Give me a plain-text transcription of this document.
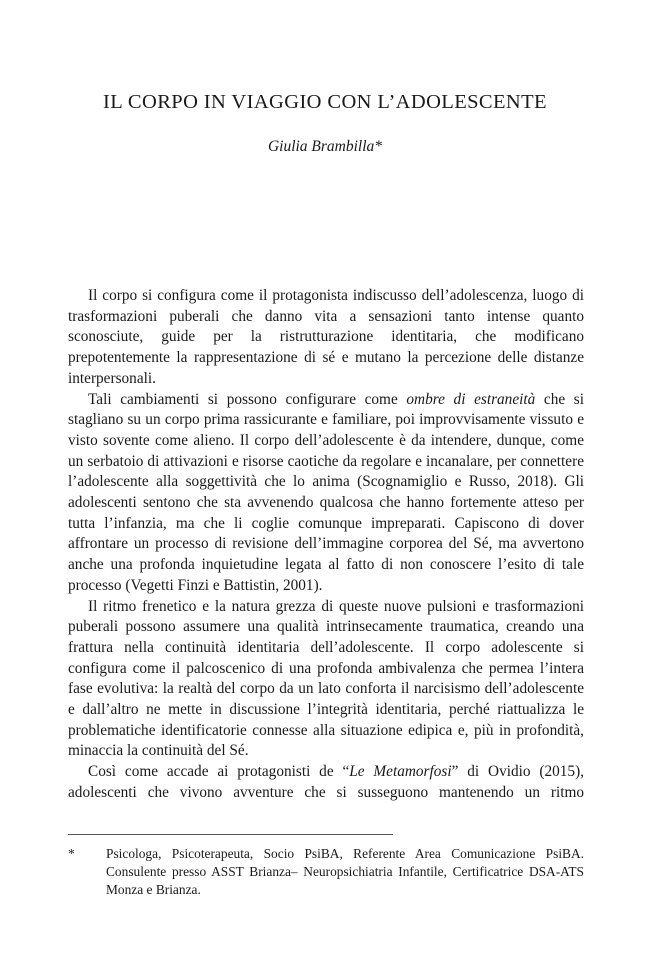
IL CORPO IN VIAGGIO CON L’ADOLESCENTE
Giulia Brambilla*

Il corpo si configura come il protagonista indiscusso dell’adolescenza, luogo di trasformazioni puberali che danno vita a sensazioni tanto intense quanto sconosciute, guide per la ristrutturazione identitaria, che modificano prepotentemente la rappresentazione di sé e mutano la percezione delle distanze interpersonali.

Tali cambiamenti si possono configurare come ombre di estraneità che si stagliano su un corpo prima rassicurante e familiare, poi improvvisamente vissuto e visto sovente come alieno. Il corpo dell’adolescente è da intendere, dunque, come un serbatoio di attivazioni e risorse caotiche da regolare e incanalare, per connettere l’adolescente alla soggettività che lo anima (Scognamiglio e Russo, 2018). Gli adolescenti sentono che sta avvenendo qualcosa che hanno fortemente atteso per tutta l’infanzia, ma che li coglie comunque impreparati. Capiscono di dover affrontare un processo di revisione dell’immagine corporea del Sé, ma avvertono anche una profonda inquietudine legata al fatto di non conoscere l’esito di tale processo (Vegetti Finzi e Battistin, 2001).

Il ritmo frenetico e la natura grezza di queste nuove pulsioni e trasformazioni puberali possono assumere una qualità intrinsecamente traumatica, creando una frattura nella continuità identitaria dell’adolescente. Il corpo adolescente si configura come il palcoscenico di una profonda ambivalenza che permea l’intera fase evolutiva: la realtà del corpo da un lato conforta il narcisismo dell’adolescente e dall’altro ne mette in discussione l’integrità identitaria, perché riattualizza le problematiche identificatorie connesse alla situazione edipica e, più in profondità, minaccia la continuità del Sé.

Così come accade ai protagonisti de “Le Metamorfosi” di Ovidio (2015), adolescenti che vivono avventure che si susseguono mantenendo un ritmo

* Psicologa, Psicoterapeuta, Socio PsiBA, Referente Area Comunicazione PsiBA. Consulente presso ASST Brianza– Neuropsichiatria Infantile, Certificatrice DSA-ATS Monza e Brianza.
